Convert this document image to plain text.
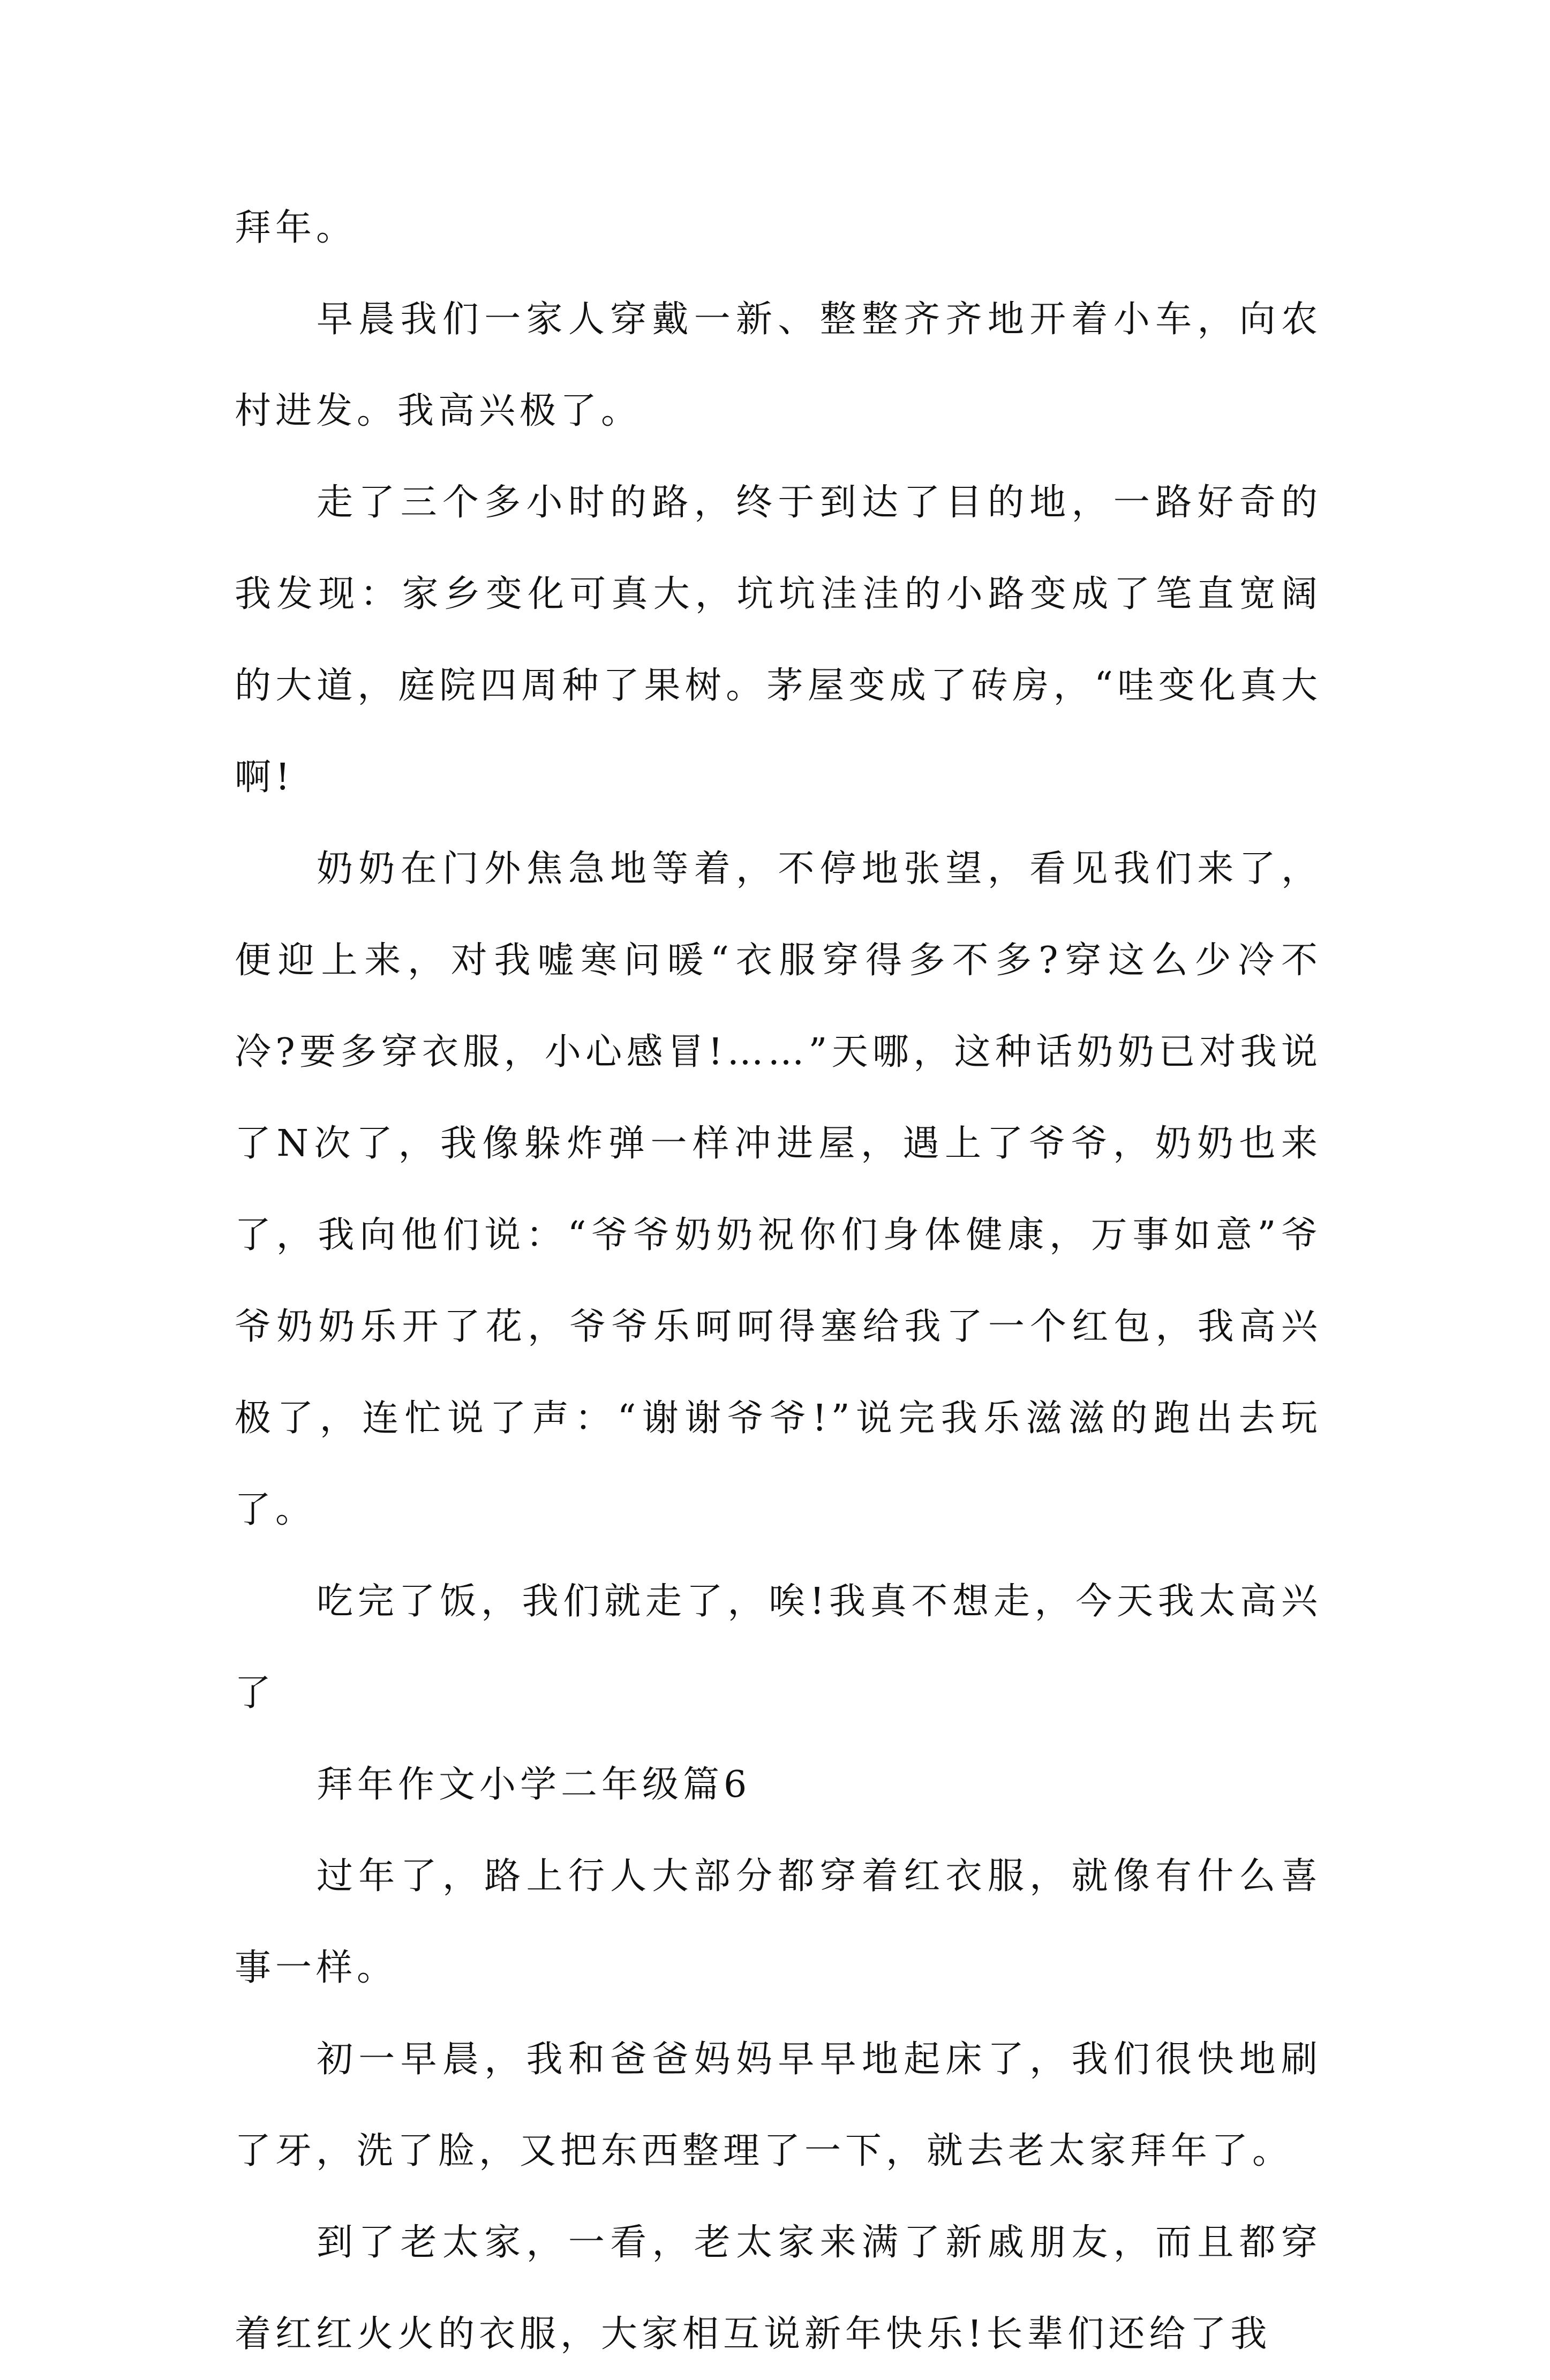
拜年。

早晨我们一家人穿戴一新、整整齐齐地开着小车，向农村进发。我高兴极了。

走了三个多小时的路，终于到达了目的地，一路好奇的我发现：家乡变化可真大，坑坑洼洼的小路变成了笔直宽阔的大道，庭院四周种了果树。茅屋变成了砖房，“哇变化真大啊!

奶奶在门外焦急地等着，不停地张望，看见我们来了，便迎上来，对我嘘寒问暖“衣服穿得多不多?穿这么少冷不冷?要多穿衣服，小心感冒!……”天哪，这种话奶奶已对我说了N次了，我像躲炸弹一样冲进屋，遇上了爷爷，奶奶也来了，我向他们说：“爷爷奶奶祝你们身体健康，万事如意”爷爷奶奶乐开了花，爷爷乐呵呵得塞给我了一个红包，我高兴极了，连忙说了声：“谢谢爷爷!”说完我乐滋滋的跑出去玩了。

吃完了饭，我们就走了，唉!我真不想走，今天我太高兴了

拜年作文小学二年级篇6

过年了，路上行人大部分都穿着红衣服，就像有什么喜事一样。

初一早晨，我和爸爸妈妈早早地起床了，我们很快地刷了牙，洗了脸，又把东西整理了一下，就去老太家拜年了。

到了老太家，一看，老太家来满了新戚朋友，而且都穿着红红火火的衣服，大家相互说新年快乐!长辈们还给了我
